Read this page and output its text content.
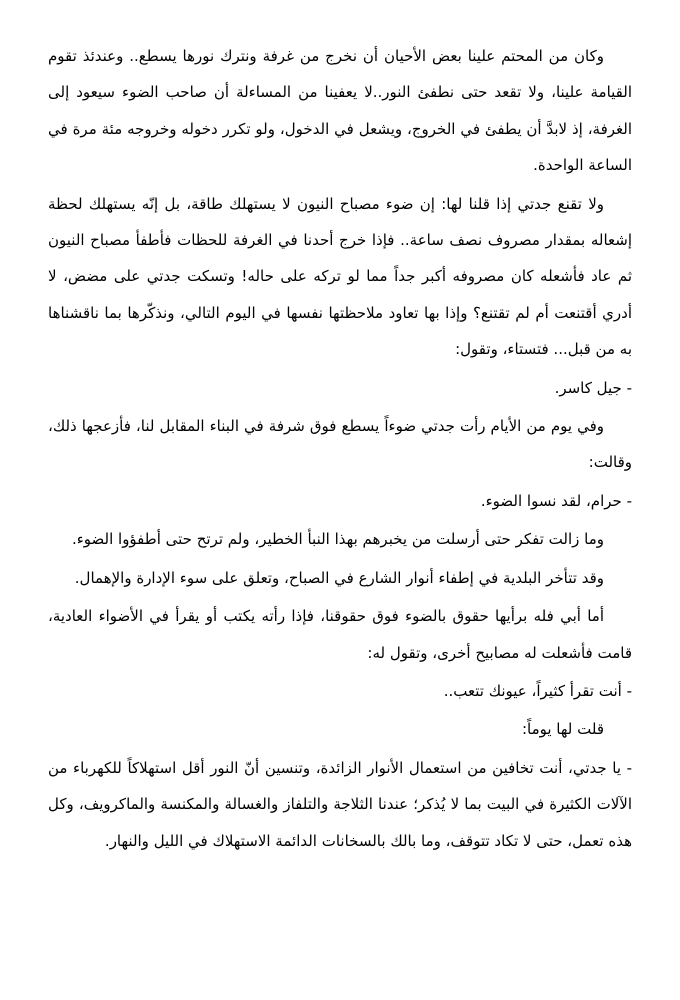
وكان من المحتم علينا بعض الأحيان أن نخرج من غرفة ونترك نورها يسطع.. وعندئذ تقوم القيامة علينا، ولا تقعد حتى نطفئ النور..لا يعفينا من المساءلة أن صاحب الضوء سيعود إلى الغرفة، إذ لابدَّ أن يطفئ في الخروج، ويشعل في الدخول، ولو تكرر دخوله وخروجه مئة مرة في الساعة الواحدة.

ولا تقنع جدتي إذا قلنا لها: إن ضوء مصباح النيون لا يستهلك طاقة، بل إنّه يستهلك لحظة إشعاله بمقدار مصروف نصف ساعة.. فإذا خرج أحدنا في الغرفة للحظات فأطفأ مصباح النيون ثم عاد فأشعله كان مصروفه أكبر جداً مما لو تركه على حاله! وتسكت جدتي على مضض، لا أدري أقتنعت أم لم تقتنع؟ وإذا بها تعاود ملاحظتها نفسها في اليوم التالي، ونذكّرها بما ناقشناها به من قبل... فتستاء، وتقول:

- جيل كاسر.

وفي يوم من الأيام رأت جدتي ضوءاً يسطع فوق شرفة في البناء المقابل لنا، فأزعجها ذلك، وقالت:

- حرام، لقد نسوا الضوء.

وما زالت تفكر حتى أرسلت من يخبرهم بهذا النبأ الخطير، ولم ترتح حتى أطفؤوا الضوء.

وقد تتأخر البلدية في إطفاء أنوار الشارع في الصباح، وتعلق على سوء الإدارة والإهمال.

أما أبي فله برأيها حقوق بالضوء فوق حقوقنا، فإذا رأته يكتب أو يقرأ في الأضواء العادية، قامت فأشعلت له مصابيح أخرى، وتقول له:

- أنت تقرأ كثيراً، عيونك تتعب..

قلت لها يوماً:

- يا جدتي، أنت تخافين من استعمال الأنوار الزائدة، وتنسين أنّ النور أقل استهلاكاً للكهرباء من الآلات الكثيرة في البيت بما لا يُذكر؛ عندنا الثلاجة والتلفاز والغسالة والمكنسة والماكرويف، وكل هذه تعمل، حتى لا تكاد تتوقف، وما بالك بالسخانات الدائمة الاستهلاك في الليل والنهار.
